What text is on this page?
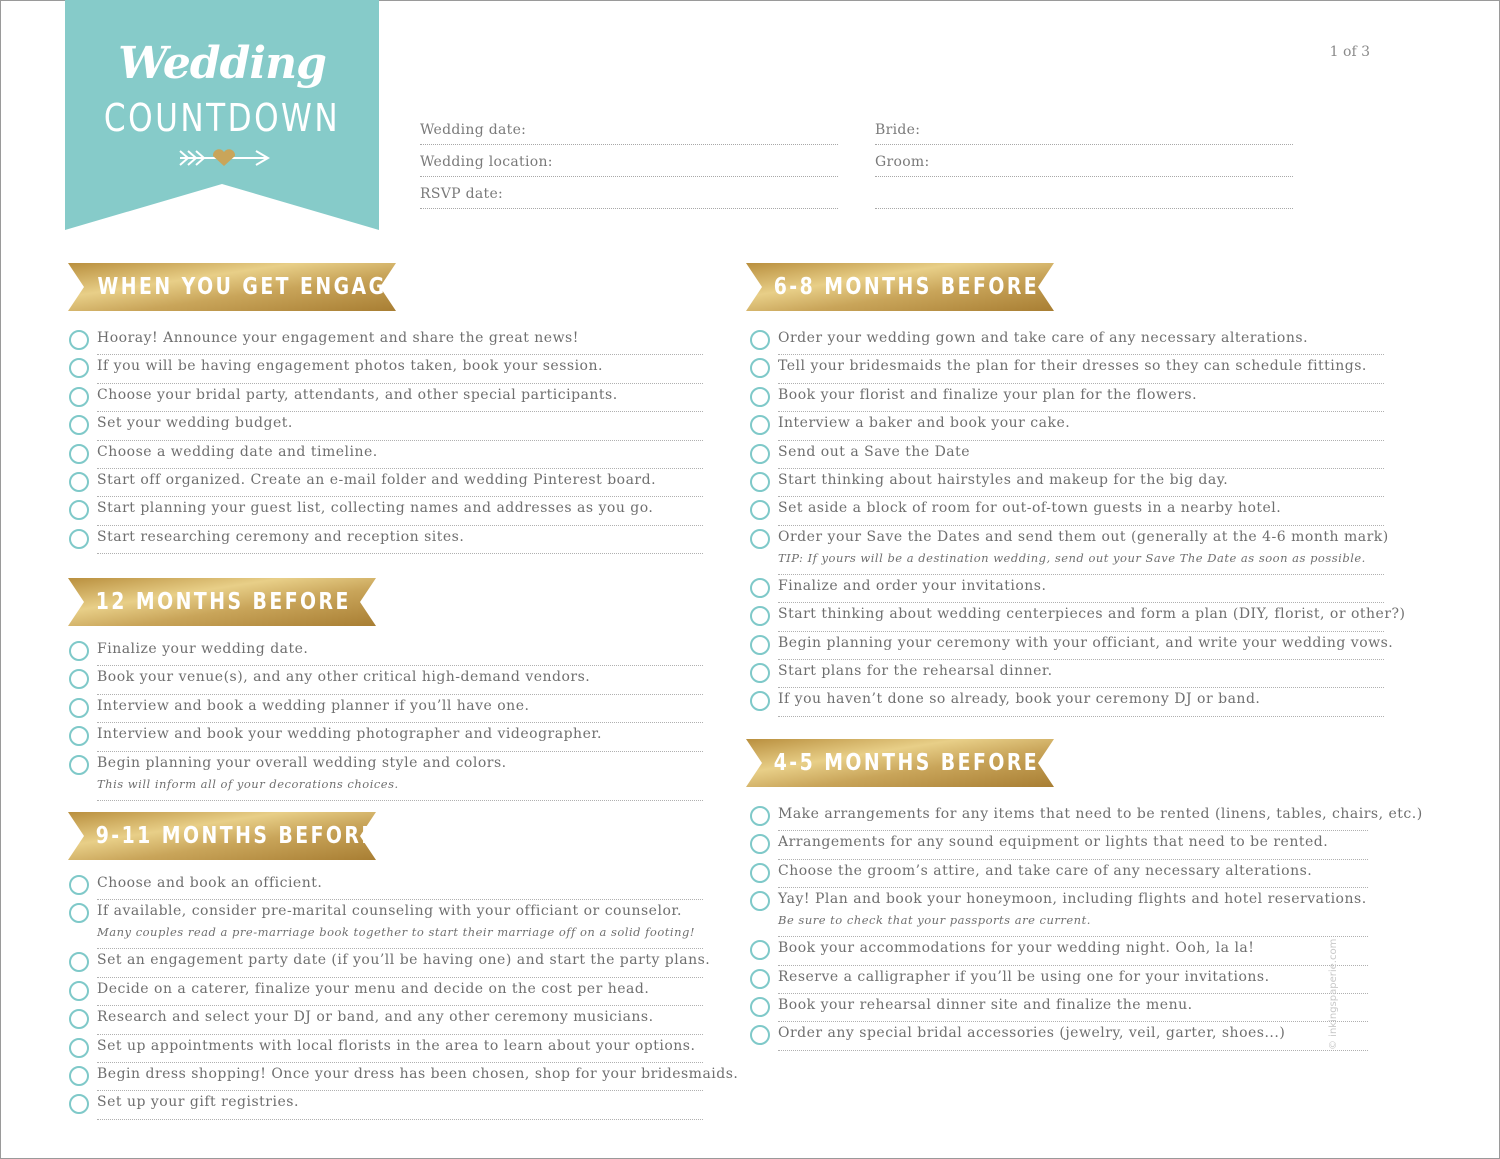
Wedding
COUNTDOWN
1 of 3
Wedding date:
Wedding location:
RSVP date:
Bride:
Groom:
WHEN YOU GET ENGAGED
Hooray! Announce your engagement and share the great news!
If you will be having engagement photos taken, book your session.
Choose your bridal party, attendants, and other special participants.
Set your wedding budget.
Choose a wedding date and timeline.
Start off organized. Create an e-mail folder and wedding Pinterest board.
Start planning your guest list, collecting names and addresses as you go.
Start researching ceremony and reception sites.
12 MONTHS BEFORE
Finalize your wedding date.
Book your venue(s), and any other critical high-demand vendors.
Interview and book a wedding planner if you’ll have one.
Interview and book your wedding photographer and videographer.
Begin planning your overall wedding style and colors.
This will inform all of your decorations choices.
9-11 MONTHS BEFORE
Choose and book an officient.
If available, consider pre-marital counseling with your officiant or counselor.
Many couples read a pre-marriage book together to start their marriage off on a solid footing!
Set an engagement party date (if you’ll be having one) and start the party plans.
Decide on a caterer, finalize your menu and decide on the cost per head.
Research and select your DJ or band, and any other ceremony musicians.
Set up appointments with local florists in the area to learn about your options.
Begin dress shopping! Once your dress has been chosen, shop for your bridesmaids.
Set up your gift registries.
6-8 MONTHS BEFORE
Order your wedding gown and take care of any necessary alterations.
Tell your bridesmaids the plan for their dresses so they can schedule fittings.
Book your florist and finalize your plan for the flowers.
Interview a baker and book your cake.
Send out a Save the Date
Start thinking about hairstyles and makeup for the big day.
Set aside a block of room for out-of-town guests in a nearby hotel.
Order your Save the Dates and send them out (generally at the 4-6 month mark)
TIP: If yours will be a destination wedding, send out your Save The Date as soon as possible.
Finalize and order your invitations.
Start thinking about wedding centerpieces and form a plan (DIY, florist, or other?)
Begin planning your ceremony with your officiant, and write your wedding vows.
Start plans for the rehearsal dinner.
If you haven’t done so already, book your ceremony DJ or band.
4-5 MONTHS BEFORE
Make arrangements for any items that need to be rented (linens, tables, chairs, etc.)
Arrangements for any sound equipment or lights that need to be rented.
Choose the groom’s attire, and take care of any necessary alterations.
Yay! Plan and book your honeymoon, including flights and hotel reservations.
Be sure to check that your passports are current.
Book your accommodations for your wedding night. Ooh, la la!
Reserve a calligrapher if you’ll be using one for your invitations.
Book your rehearsal dinner site and finalize the menu.
Order any special bridal accessories (jewelry, veil, garter, shoes...)	© inkingspaperie.com
